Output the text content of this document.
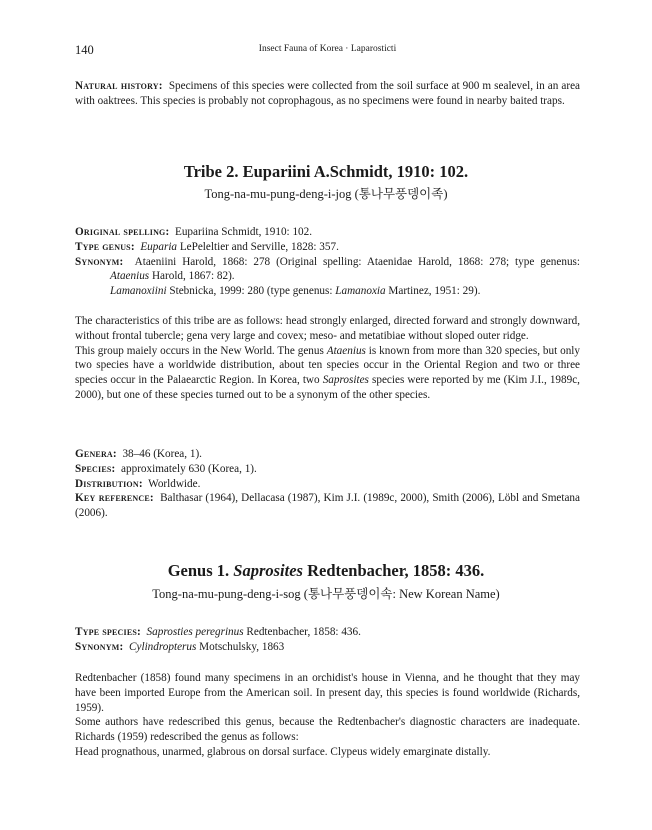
140	Insect Fauna of Korea · Laparosticti

Natural history: Specimens of this species were collected from the soil surface at 900 m sealevel, in an area with oaktrees. This species is probably not coprophagous, as no specimens were found in nearby baited traps.

Tribe 2. Eupariini A.Schmidt, 1910: 102.
Tong-na-mu-pung-deng-i-jog (통나무풍뎅이족)

Original spelling: Eupariina Schmidt, 1910: 102.

Type genus: Euparia LePeleltier and Serville, 1828: 357.

Synonym: Ataeniini Harold, 1868: 278 (Original spelling: Ataenidae Harold, 1868: 278; type genenus: Ataenius Harold, 1867: 82).

Lamanoxiini Stebnicka, 1999: 280 (type genenus: Lamanoxia Martinez, 1951: 29).

The characteristics of this tribe are as follows: head strongly enlarged, directed forward and strongly downward, without frontal tubercle; gena very large and covex; meso- and metatibiae without sloped outer ridge.

This group maiely occurs in the New World. The genus Ataenius is known from more than 320 species, but only two species have a worldwide distribution, about ten species occur in the Oriental Region and two or three species occur in the Palaearctic Region. In Korea, two Saprosites species were reported by me (Kim J.I., 1989c, 2000), but one of these species turned out to be a synonym of the other species.

Genera: 38–46 (Korea, 1).

Species: approximately 630 (Korea, 1).

Distribution: Worldwide.

Key reference: Balthasar (1964), Dellacasa (1987), Kim J.I. (1989c, 2000), Smith (2006), Löbl and Smetana (2006).

Genus 1. Saprosites Redtenbacher, 1858: 436.
Tong-na-mu-pung-deng-i-sog (통나무풍뎅이속: New Korean Name)

Type species: Saprosties peregrinus Redtenbacher, 1858: 436.

Synonym: Cylindropterus Motschulsky, 1863

Redtenbacher (1858) found many specimens in an orchidist's house in Vienna, and he thought that they may have been imported Europe from the American soil. In present day, this species is found worldwide (Richards, 1959).

Some authors have redescribed this genus, because the Redtenbacher's diagnostic characters are inadequate. Richards (1959) redescribed the genus as follows:

Head prognathous, unarmed, glabrous on dorsal surface. Clypeus widely emarginate distally.
